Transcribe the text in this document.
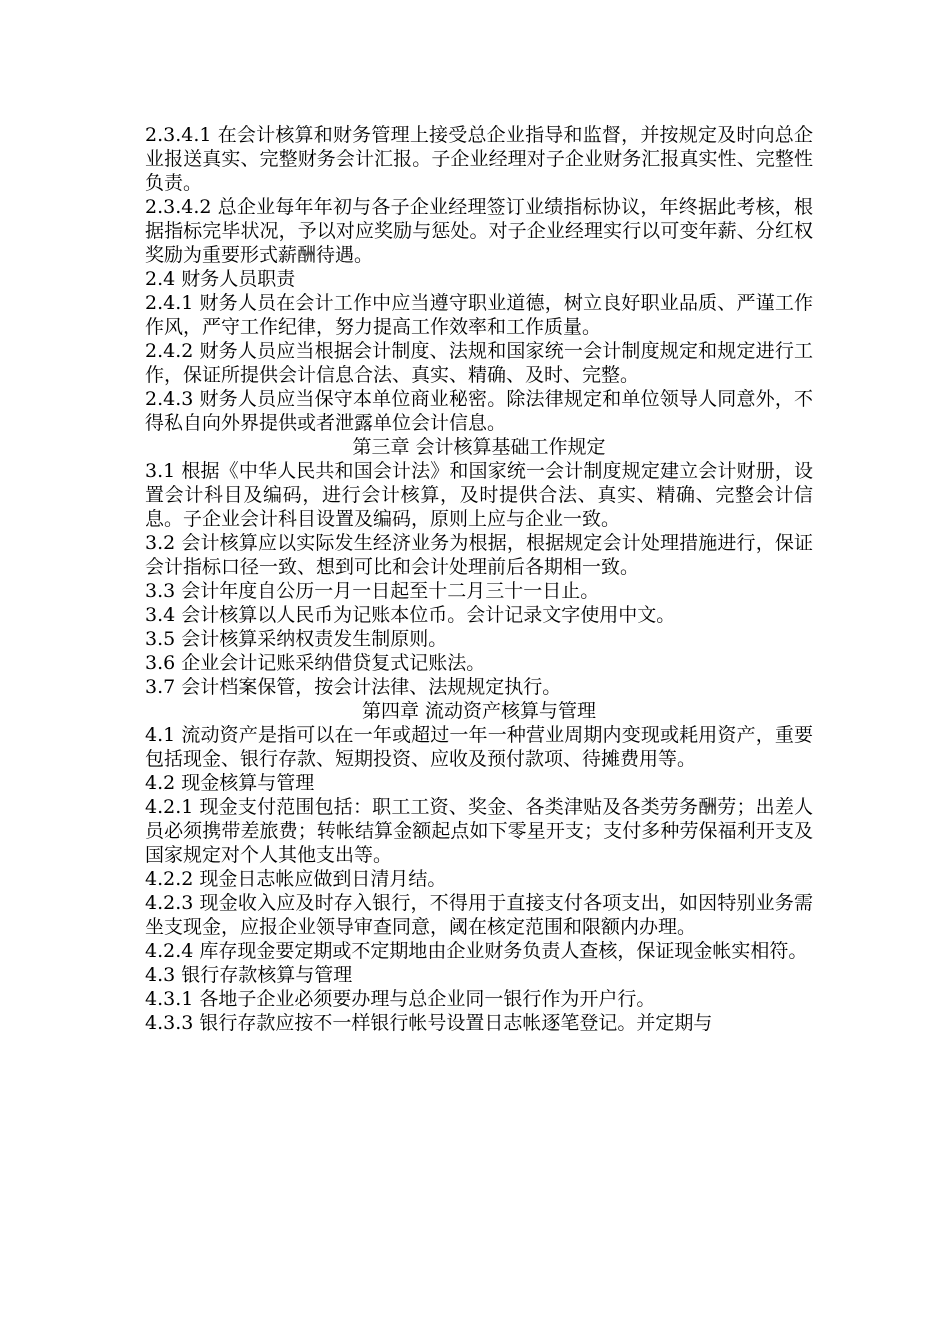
2.3.4.1 在会计核算和财务管理上接受总企业指导和监督，并按规定及时向总企业报送真实、完整财务会计汇报。子企业经理对子企业财务汇报真实性、完整性负责。

2.3.4.2 总企业每年年初与各子企业经理签订业绩指标协议，年终据此考核，根据指标完毕状况，予以对应奖励与惩处。对子企业经理实行以可变年薪、分红权奖励为重要形式薪酬待遇。

2.4 财务人员职责

2.4.1 财务人员在会计工作中应当遵守职业道德，树立良好职业品质、严谨工作作风，严守工作纪律，努力提高工作效率和工作质量。

2.4.2 财务人员应当根据会计制度、法规和国家统一会计制度规定和规定进行工作，保证所提供会计信息合法、真实、精确、及时、完整。

2.4.3 财务人员应当保守本单位商业秘密。除法律规定和单位领导人同意外，不得私自向外界提供或者泄露单位会计信息。

第三章 会计核算基础工作规定

3.1 根据《中华人民共和国会计法》和国家统一会计制度规定建立会计财册，设置会计科目及编码，进行会计核算，及时提供合法、真实、精确、完整会计信息。子企业会计科目设置及编码，原则上应与企业一致。

3.2 会计核算应以实际发生经济业务为根据，根据规定会计处理措施进行，保证会计指标口径一致、想到可比和会计处理前后各期相一致。

3.3 会计年度自公历一月一日起至十二月三十一日止。

3.4 会计核算以人民币为记账本位币。会计记录文字使用中文。

3.5 会计核算采纳权责发生制原则。

3.6 企业会计记账采纳借贷复式记账法。

3.7 会计档案保管，按会计法律、法规规定执行。

第四章 流动资产核算与管理

4.1 流动资产是指可以在一年或超过一年一种营业周期内变现或耗用资产，重要包括现金、银行存款、短期投资、应收及预付款项、待摊费用等。

4.2 现金核算与管理

4.2.1 现金支付范围包括：职工工资、奖金、各类津贴及各类劳务酬劳；出差人员必须携带差旅费；转帐结算金额起点如下零星开支；支付多种劳保福利开支及国家规定对个人其他支出等。

4.2.2 现金日志帐应做到日清月结。

4.2.3 现金收入应及时存入银行，不得用于直接支付各项支出，如因特别业务需坐支现金，应报企业领导审查同意，阈在核定范围和限额内办理。

4.2.4 库存现金要定期或不定期地由企业财务负责人查核，保证现金帐实相符。

4.3 银行存款核算与管理

4.3.1 各地子企业必须要办理与总企业同一银行作为开户行。

4.3.3 银行存款应按不一样银行帐号设置日志帐逐笔登记。并定期与
